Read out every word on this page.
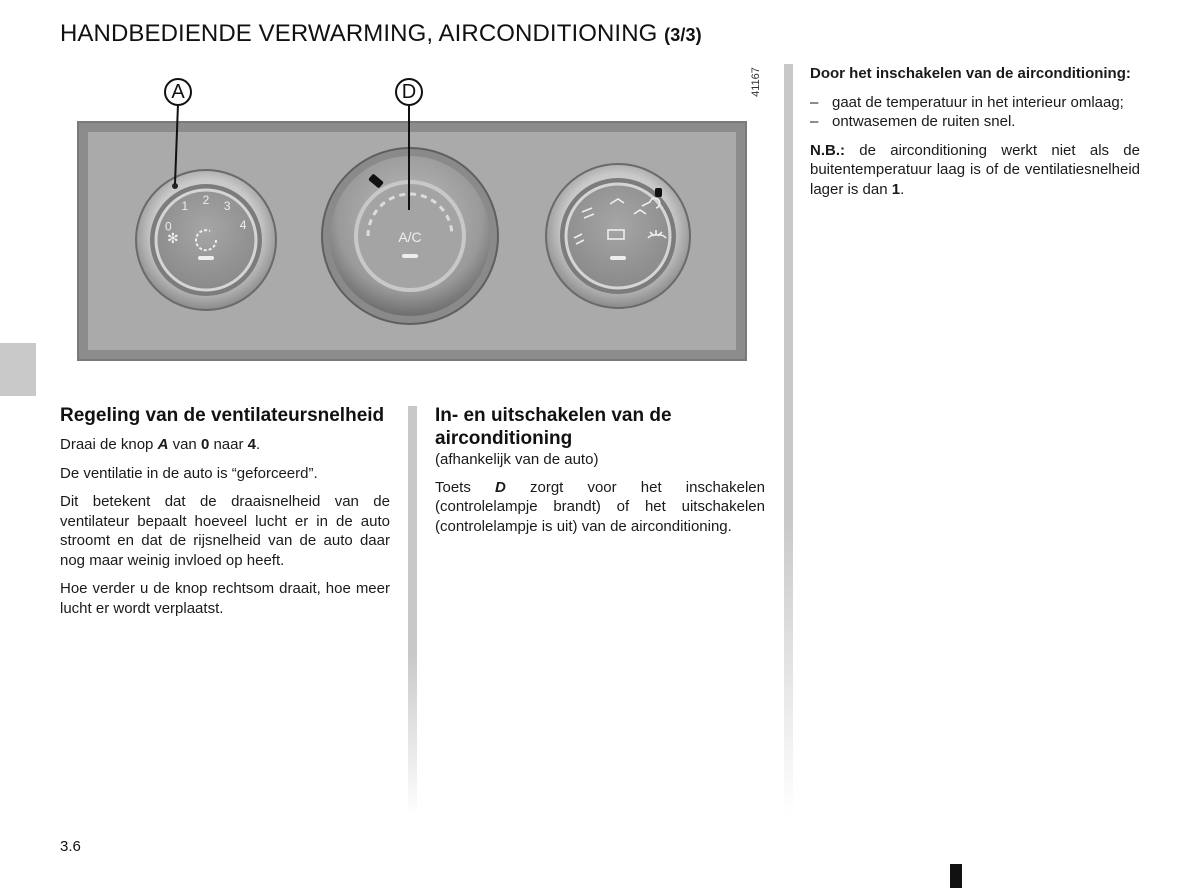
HANDBEDIENDE VERWARMING, AIRCONDITIONING (3/3)
✻
0
1 2 3
4
A/C
A	D	41167
Regeling van de ventilateursnelheid

Draai de knop A van 0 naar 4.

De ventilatie in de auto is “geforceerd”.

Dit betekent dat de draaisnelheid van de ventilateur bepaalt hoeveel lucht er in de auto stroomt en dat de rijsnelheid van de auto daar nog maar weinig invloed op heeft.

Hoe verder u de knop rechtsom draait, hoe meer lucht er wordt verplaatst.

In- en uitschakelen van de airconditioning

(afhankelijk van de auto)

Toets D zorgt voor het inschakelen (controlelampje brandt) of het uitschakelen (controlelampje is uit) van de airconditioning.

Door het inschakelen van de airconditioning:

– gaat de temperatuur in het interieur omlaag;

– ontwasemen de ruiten snel.

N.B.: de airconditioning werkt niet als de buitentemperatuur laag is of de ventilatiesnelheid lager is dan 1.

3.6
